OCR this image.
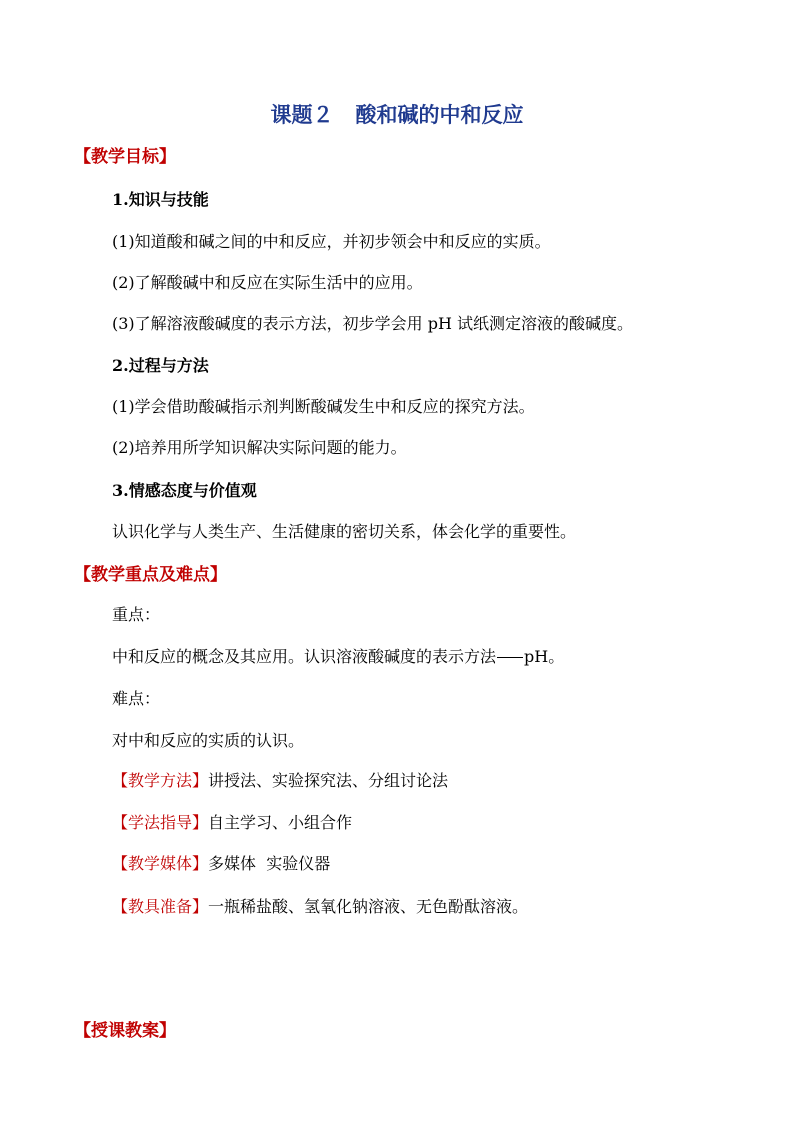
课题２ 酸和碱的中和反应
【教学目标】
1.知识与技能
(1)知道酸和碱之间的中和反应，并初步领会中和反应的实质。
(2)了解酸碱中和反应在实际生活中的应用。
(3)了解溶液酸碱度的表示方法，初步学会用 pH 试纸测定溶液的酸碱度。
2.过程与方法
(1)学会借助酸碱指示剂判断酸碱发生中和反应的探究方法。
(2)培养用所学知识解决实际问题的能力。
3.情感态度与价值观
认识化学与人类生产、生活健康的密切关系，体会化学的重要性。
【教学重点及难点】
重点：
中和反应的概念及其应用。认识溶液酸碱度的表示方法 pH。
难点：
对中和反应的实质的认识。
【教学方法】讲授法、实验探究法、分组讨论法
【学法指导】自主学习、小组合作
【教学媒体】多媒体  实验仪器
【教具准备】一瓶稀盐酸、氢氧化钠溶液、无色酚酞溶液。
【授课教案】
